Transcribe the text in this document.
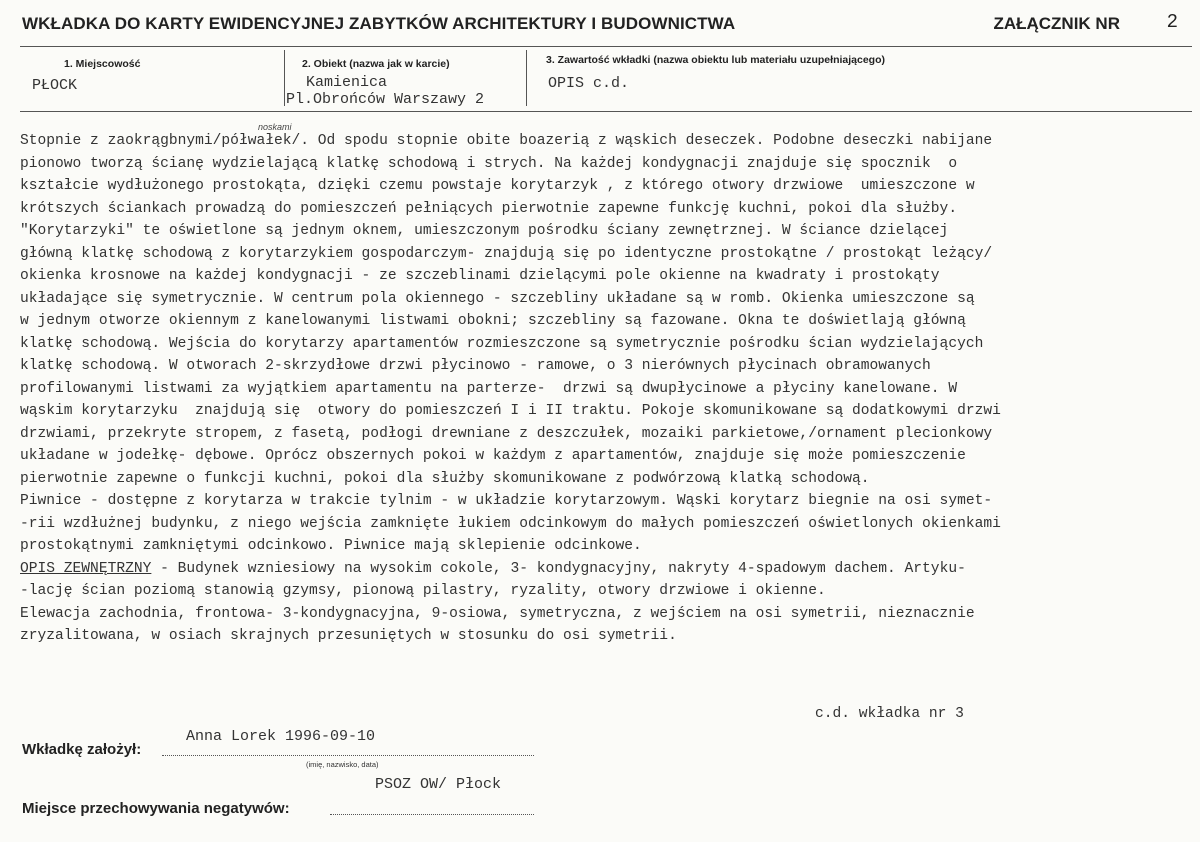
WKŁADKA DO KARTY EWIDENCYJNEJ ZABYTKÓW ARCHITEKTURY I BUDOWNICTWA	ZAŁĄCZNIK NR 2
1. Miejscowość
PŁOCK
2. Obiekt (nazwa jak w karcie)
Kamienica
Pl.Obrońców Warszawy 2
3. Zawartość wkładki (nazwa obiektu lub materiału uzupełniającego)
OPIS c.d.
noskami
Stopnie z zaokrągbnymi/półwałek/. Od spodu stopnie obite boazerią z wąskich deseczek. Podobne deseczki nabijane
pionowo tworzą ścianę wydzielającą klatkę schodową i strych. Na każdej kondygnacji znajduje się spocznik  o
kształcie wydłużonego prostokąta, dzięki czemu powstaje korytarzyk , z którego otwory drzwiowe  umieszczone w
krótszych ściankach prowadzą do pomieszczeń pełniących pierwotnie zapewne funkcję kuchni, pokoi dla służby.
"Korytarzyki" te oświetlone są jednym oknem, umieszczonym pośrodku ściany zewnętrznej. W ściance dzielącej
główną klatkę schodową z korytarzykiem gospodarczym- znajdują się po identyczne prostokątne / prostokąt leżący/
okienka krosnowe na każdej kondygnacji - ze szczeblinami dzielącymi pole okienne na kwadraty i prostokąty
układające się symetrycznie. W centrum pola okiennego - szczebliny układane są w romb. Okienka umieszczone są
w jednym otworze okiennym z kanelowanymi listwami obokni; szczebliny są fazowane. Okna te doświetlają główną
klatkę schodową. Wejścia do korytarzy apartamentów rozmieszczone są symetrycznie pośrodku ścian wydzielających
klatkę schodową. W otworach 2-skrzydłowe drzwi płycinowo - ramowe, o 3 nierównych płycinach obramowanych
profilowanymi listwami za wyjątkiem apartamentu na parterze-  drzwi są dwupłycinowe a płyciny kanelowane. W
wąskim korytarzyku  znajdują się  otwory do pomieszczeń I i II traktu. Pokoje skomunikowane są dodatkowymi drzwi
drzwiami, przekryte stropem, z fasetą, podłogi drewniane z deszczułek, mozaiki parkietowe,/ornament plecionkowy
układane w jodełkę- dębowe. Oprócz obszernych pokoi w każdym z apartamentów, znajduje się może pomieszczenie
pierwotnie zapewne o funkcji kuchni, pokoi dla służby skomunikowane z podwórzową klatką schodową.
Piwnice - dostępne z korytarza w trakcie tylnim - w układzie korytarzowym. Wąski korytarz biegnie na osi symet-
-rii wzdłużnej budynku, z niego wejścia zamknięte łukiem odcinkowym do małych pomieszczeń oświetlonych okienkami
prostokątnymi zamkniętymi odcinkowo. Piwnice mają sklepienie odcinkowe.
OPIS ZEWNĘTRZNY - Budynek wzniesiowy na wysokim cokole, 3- kondygnacyjny, nakryty 4-spadowym dachem. Artyku-
-lację ścian poziomą stanowią gzymsy, pionową pilastry, ryzality, otwory drzwiowe i okienne.
Elewacja zachodnia, frontowa- 3-kondygnacyjna, 9-osiowa, symetryczna, z wejściem na osi symetrii, nieznacznie
zryzalitowana, w osiach skrajnych przesuniętych w stosunku do osi symetrii.
c.d. wkładka nr 3
Wkładkę założył:
Anna Lorek 1996-09-10
(imię, nazwisko, data)
PSOZ OW/ Płock
Miejsce przechowywania negatywów:
